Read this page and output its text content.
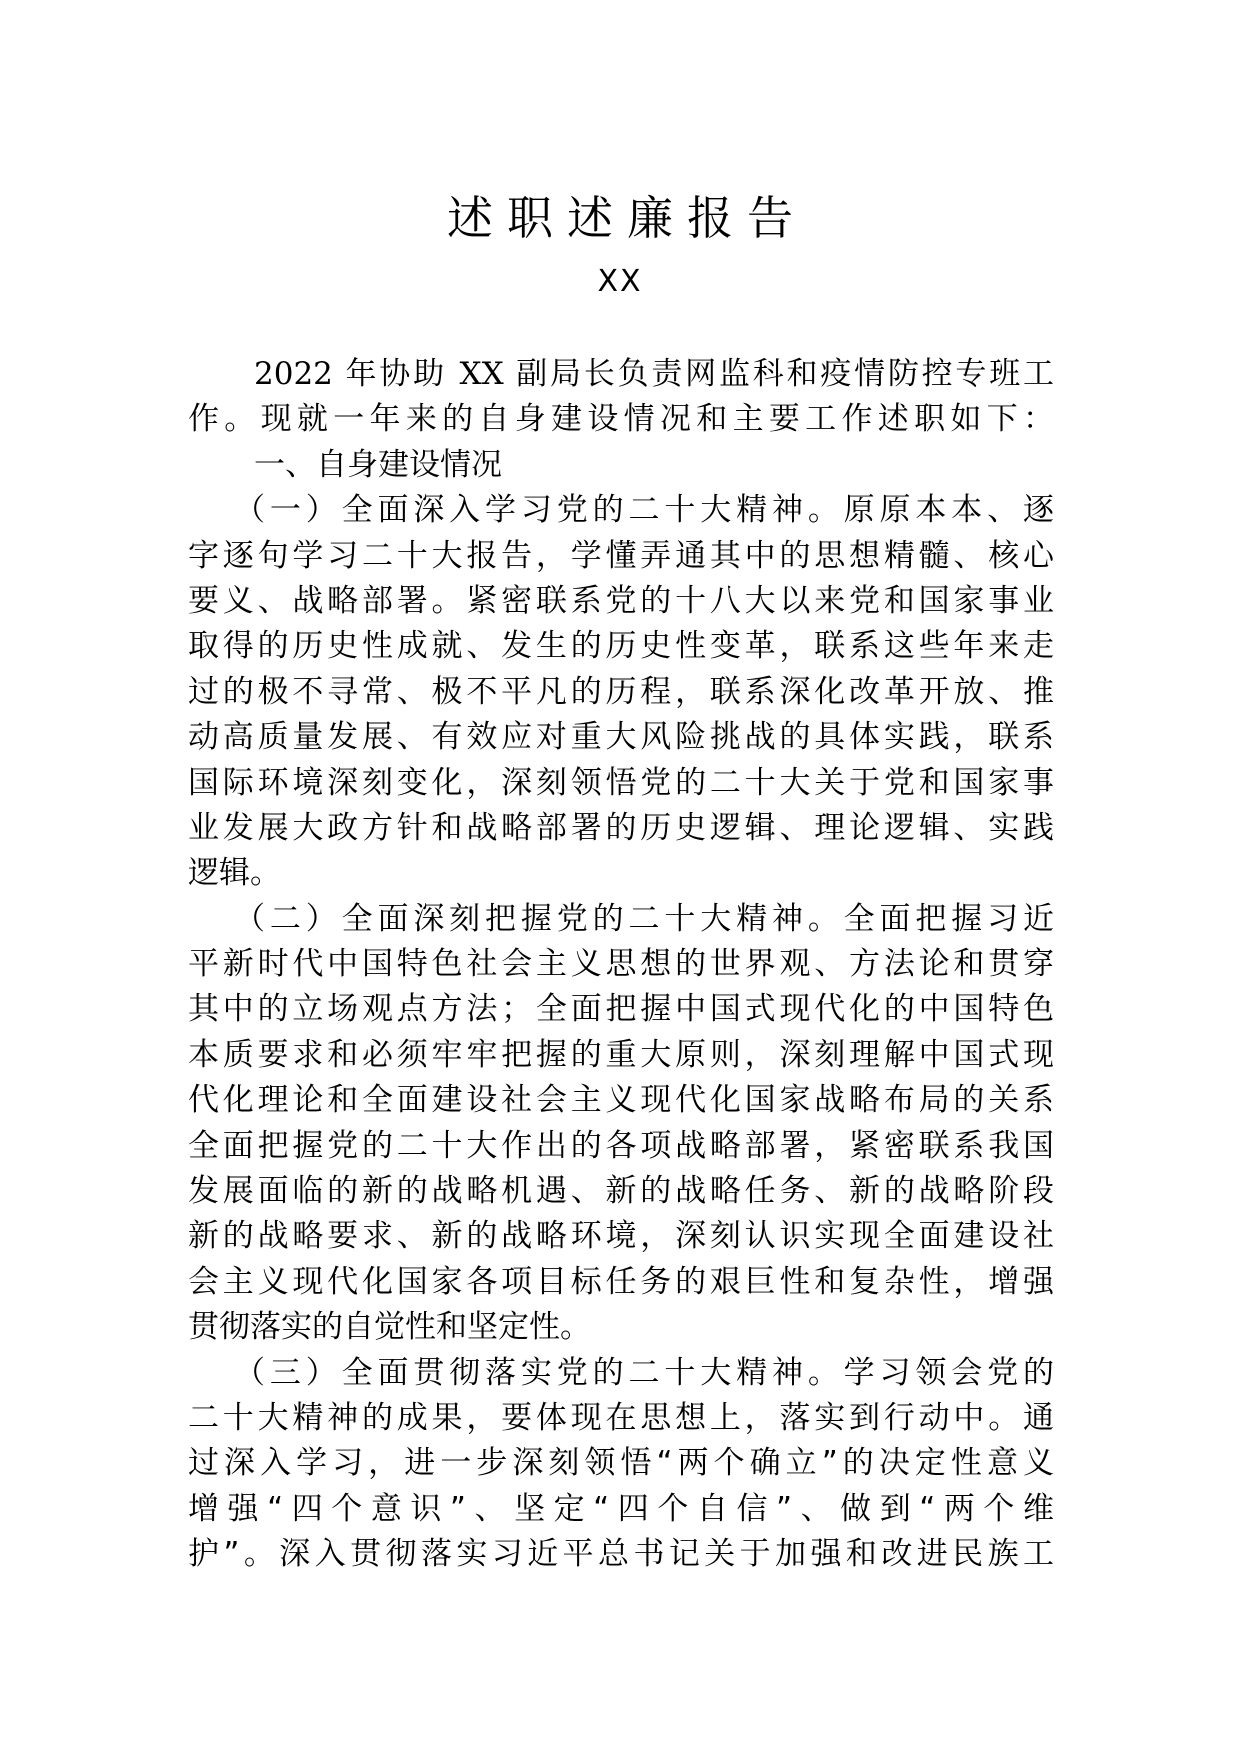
述职述廉报告
XX
2022 年协助 XX 副局长负责网监科和疫情防控专班工
作。现就一年来的自身建设情况和主要工作述职如下：
一、自身建设情况
（一）全面深入学习党的二十大精神。原原本本、逐
字逐句学习二十大报告，学懂弄通其中的思想精髓、核心
要义、战略部署。紧密联系党的十八大以来党和国家事业
取得的历史性成就、发生的历史性变革，联系这些年来走
过的极不寻常、极不平凡的历程，联系深化改革开放、推
动高质量发展、有效应对重大风险挑战的具体实践，联系
国际环境深刻变化，深刻领悟党的二十大关于党和国家事
业发展大政方针和战略部署的历史逻辑、理论逻辑、实践
逻辑。
（二）全面深刻把握党的二十大精神。全面把握习近
平新时代中国特色社会主义思想的世界观、方法论和贯穿
其中的立场观点方法；全面把握中国式现代化的中国特色
本质要求和必须牢牢把握的重大原则，深刻理解中国式现
代化理论和全面建设社会主义现代化国家战略布局的关系
全面把握党的二十大作出的各项战略部署，紧密联系我国
发展面临的新的战略机遇、新的战略任务、新的战略阶段
新的战略要求、新的战略环境，深刻认识实现全面建设社
会主义现代化国家各项目标任务的艰巨性和复杂性，增强
贯彻落实的自觉性和坚定性。
（三）全面贯彻落实党的二十大精神。学习领会党的
二十大精神的成果，要体现在思想上，落实到行动中。通
过深入学习，进一步深刻领悟“两个确立”的决定性意义
增强“四个意识”、坚定“四个自信”、做到“两个维
护”。深入贯彻落实习近平总书记关于加强和改进民族工
